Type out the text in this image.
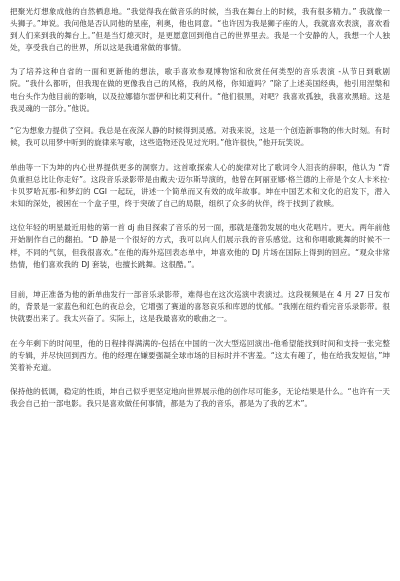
把聚光灯想象成他的自然栖息地。“我觉得我在做音乐的时候，当我在舞台上的时候，我有很多精力。” 我就像一头狮子。”坤说。我问他是否认同他的星座，利奥，他也同意。“也许因为我是狮子座的人，我就喜欢表演，喜欢看到人们来到我的舞台上。”但是当灯熄灭时，是更愿意回到他自己的世界里去。我是一个安静的人，我想一个人独处，享受我自己的世界，所以这是我通常做的事情。

为了培养这种自省的一面和更新他的想法，歌手喜欢参观博物馆和欣赏任何类型的音乐表演 -从节日到歌剧院。“我什么都听，但我现在做的更像我自己的风格，我的风格，你知道吗？”除了上述美国经典，他引用涅槃和电台头作为他目前的影响，以及拉娜德尔雷伊和比莉艾利什。“他们很黑，对吧？我喜欢孤独，我喜欢黑暗。这是我灵魂的一部分。”他说。

“它为想象力提供了空间。我总是在夜深人静的时候得到灵感。对我来说，这是一个创造新事物的伟大时刻。有时候，我可以用梦中听到的旋律来写歌，这些造物还没见过光明。”他许很快，”他开玩笑说。

单曲等一下为坤的内心世界提供更多的洞察力。这首歌探索人心的旋律对比了歌词令人泪丧的辞职，他认为 “背负重担总比让你走好”。这段音乐录影带是由戴夫·迈尔斯导演的，他曾在阿丽亚娜·格兰德的上帝是个女人卡米拉·卡贝罗哈瓦那-和梦幻的 CGI 一起玩，讲述一个简单而又有效的成年故事。坤在中国艺术和文化的启发下，潜入未知的深处，被困在一个盒子里，终于突破了自己的局限，组织了众多的伙伴，终于找到了救赎。

这位年轻的明星最近用他的第一首 dj 曲目探索了音乐的另一面，那就是蓬勃发展的电火花唱片。更大。两年前他开始制作自己的翻拍。“D 静是一个很好的方式，我可以向人们展示我的音乐感觉。这和你唱歌跳舞的时候不一样，不同的气氛，但我很喜欢。”在他的海外巡回表态单中，坤喜欢他的 DJ 片场在国际上得到的回应。“观众非常热情，他们喜欢我的 DJ 套装，也擅长跳舞。这很酷。”。

目前，坤正准备为他的新单曲发行一部音乐录影带，难得也在这次巡演中表演过。这段视频是在 4 月 27 日发布的，背景是一家蓝色和红色的夜总会，它增强了赛道的喜怒哀乐和库恩的忧郁。“我刚在纽约看完音乐录影带。很快就要出来了。我太兴奋了。实际上，这是我最喜欢的歌曲之一。

在今年剩下的时间里，他的日程排得满满的-包括在中国的一次大型巡回演出-他希望能找到时间和支持一张完整的专辑，并尽快回到西方。他的经理在嫌要强凝全球市场的目标时并不害羞。“这太有趣了，他在给我发短信，”坤笑着补充道。

保持他的低调，稳定的性质，坤自己似乎更坚定地向世界展示他的创作尽可能多，无论结果是什么。“也许有一天我会自己拍一部电影。我只是喜欢做任何事情，都是为了我的音乐，都是为了我的艺术”。
